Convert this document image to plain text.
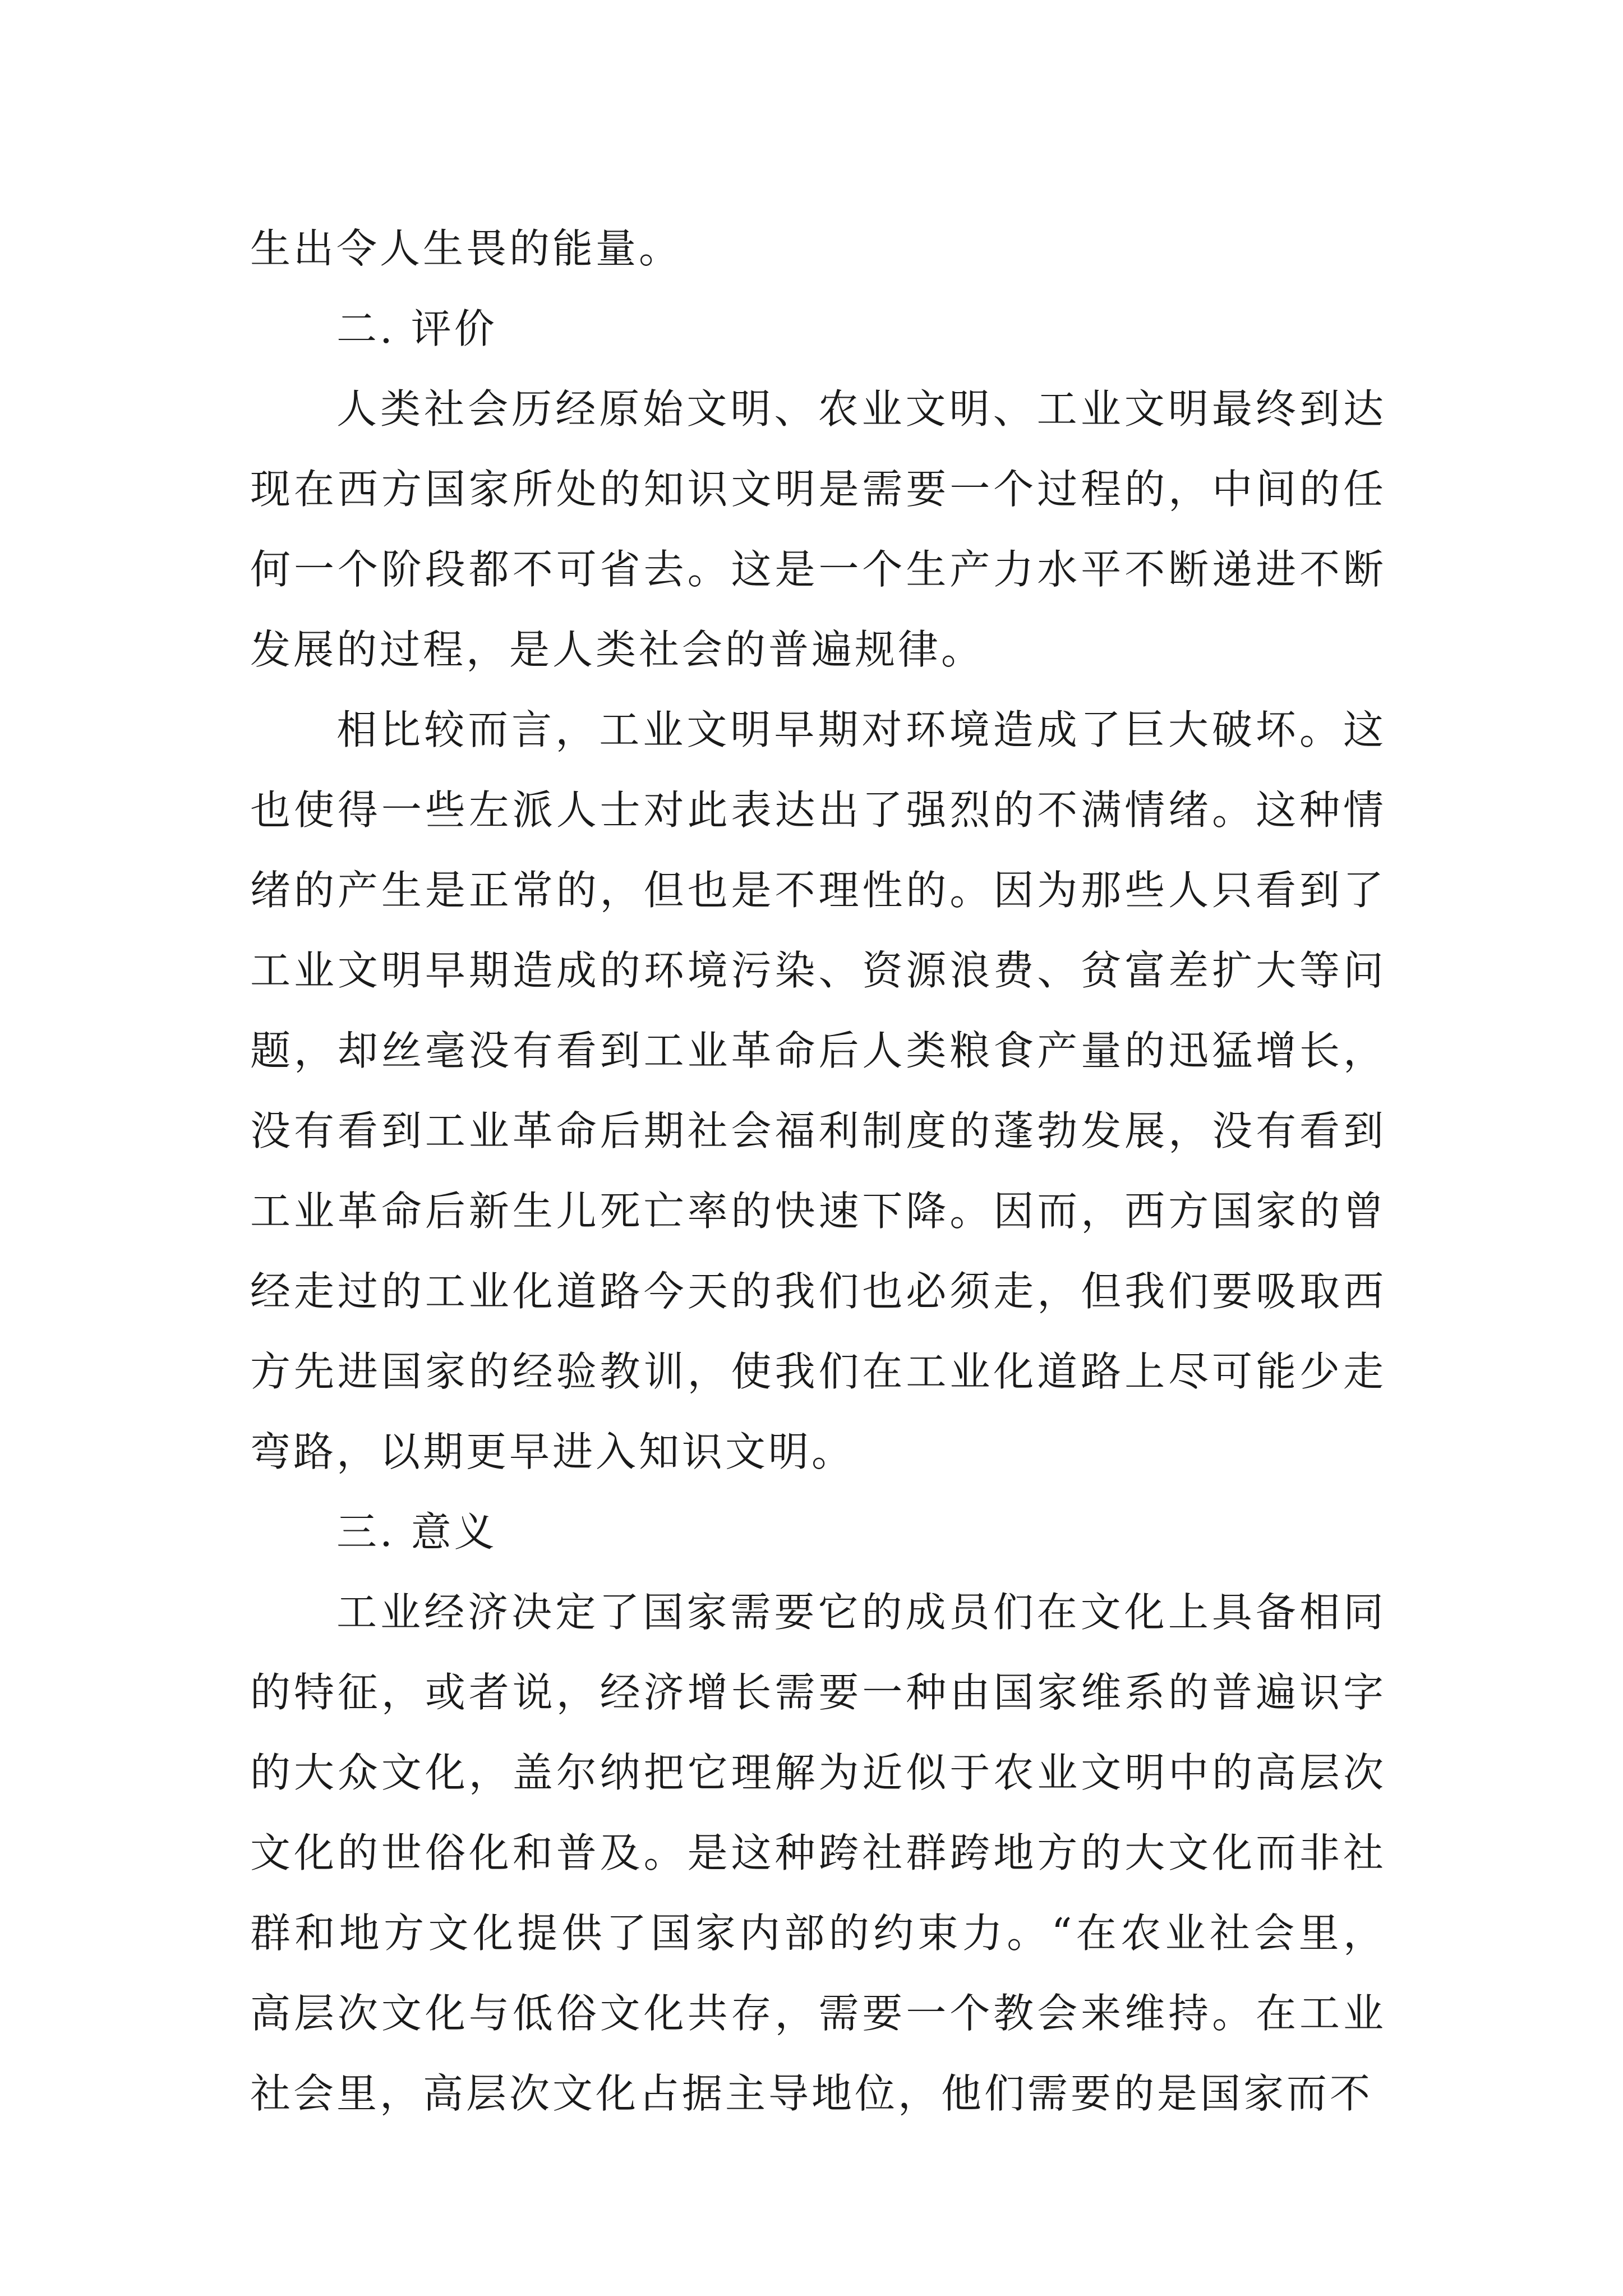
生出令人生畏的能量。

二. 评价

人类社会历经原始文明、农业文明、工业文明最终到达现在西方国家所处的知识文明是需要一个过程的，中间的任何一个阶段都不可省去。这是一个生产力水平不断递进不断发展的过程，是人类社会的普遍规律。

相比较而言，工业文明早期对环境造成了巨大破坏。这也使得一些左派人士对此表达出了强烈的不满情绪。这种情绪的产生是正常的，但也是不理性的。因为那些人只看到了工业文明早期造成的环境污染、资源浪费、贫富差扩大等问题，却丝毫没有看到工业革命后人类粮食产量的迅猛增长，没有看到工业革命后期社会福利制度的蓬勃发展，没有看到工业革命后新生儿死亡率的快速下降。因而，西方国家的曾经走过的工业化道路今天的我们也必须走，但我们要吸取西方先进国家的经验教训，使我们在工业化道路上尽可能少走弯路，以期更早进入知识文明。

三. 意义

工业经济决定了国家需要它的成员们在文化上具备相同的特征，或者说，经济增长需要一种由国家维系的普遍识字的大众文化，盖尔纳把它理解为近似于农业文明中的高层次文化的世俗化和普及。是这种跨社群跨地方的大文化而非社群和地方文化提供了国家内部的约束力。“在农业社会里，高层次文化与低俗文化共存，需要一个教会来维持。在工业社会里，高层次文化占据主导地位，他们需要的是国家而不
